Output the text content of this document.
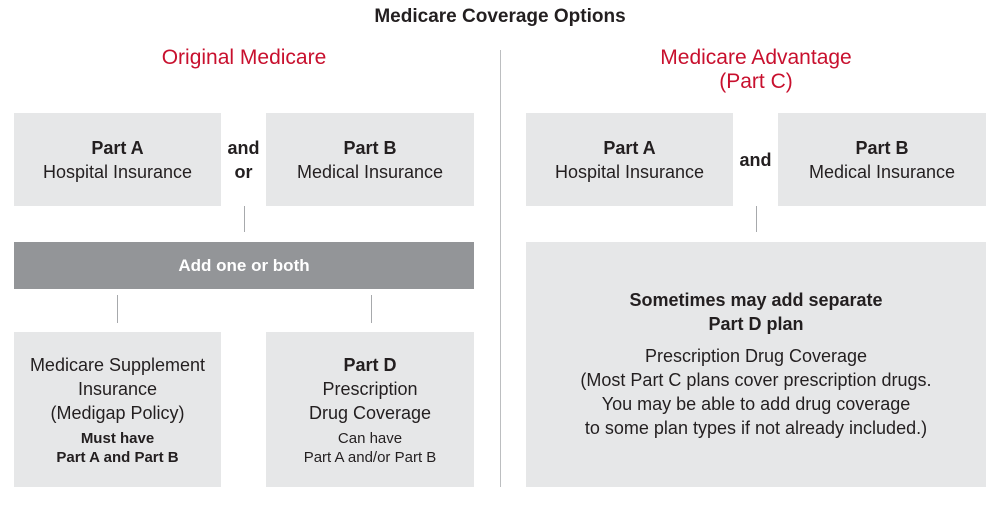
Medicare Coverage Options
Original Medicare
Part A
Hospital Insurance
and
or
Part B
Medical Insurance
Add one or both
Medicare Supplement
Insurance
(Medigap Policy)
Must have
Part A and Part B
Part D
Prescription
Drug Coverage
Can have
Part A and/or Part B
Medicare Advantage
(Part C)
Part A
Hospital Insurance
and
Part B
Medical Insurance
Sometimes may add separate
Part D plan
Prescription Drug Coverage
(Most Part C plans cover prescription drugs.
You may be able to add drug coverage
to some plan types if not already included.)
